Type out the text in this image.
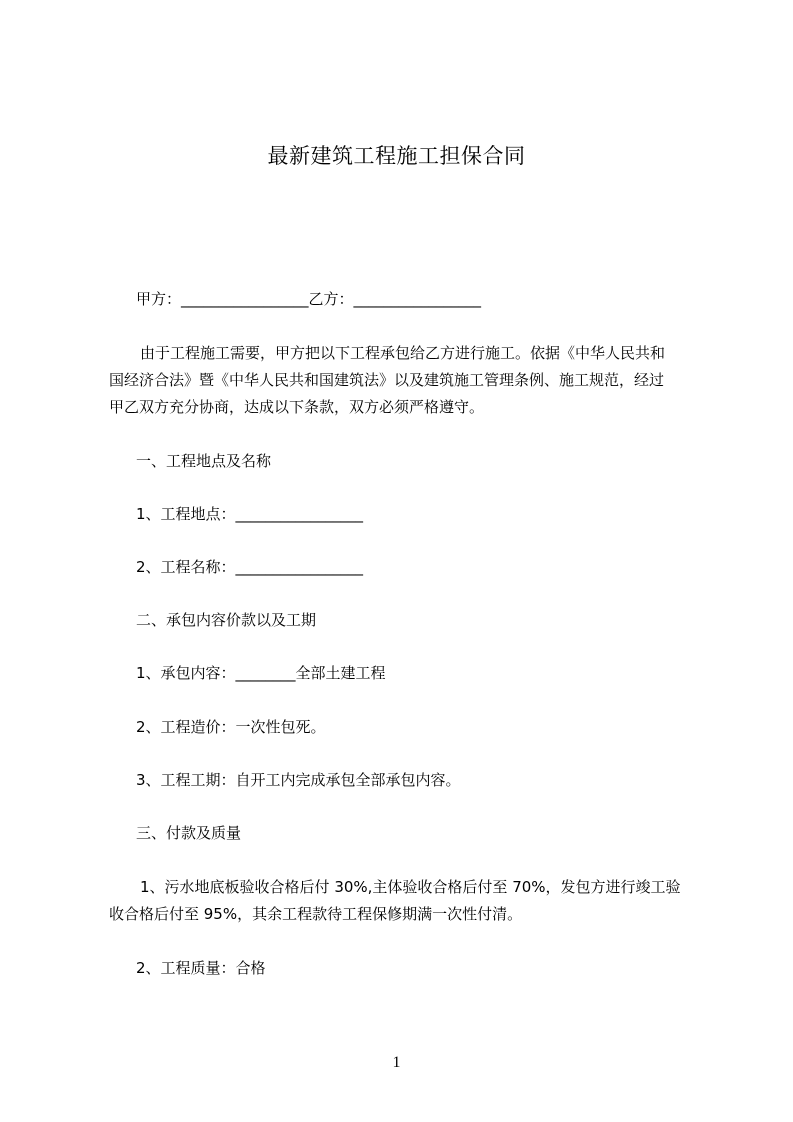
最新建筑工程施工担保合同
甲方：_________________乙方：_________________

由于工程施工需要，甲方把以下工程承包给乙方进行施工。依据《中华人民共和

国经济合法》暨《中华人民共和国建筑法》以及建筑施工管理条例、施工规范，经过

甲乙双方充分协商，达成以下条款，双方必须严格遵守。

一、工程地点及名称
1、工程地点：_________________
2、工程名称：_________________
二、承包内容价款以及工期
1、承包内容：________全部土建工程
2、工程造价：一次性包死。
3、工程工期：自开工内完成承包全部承包内容。
三、付款及质量

1、污水地底板验收合格后付 30%,主体验收合格后付至 70%，发包方进行竣工验

收合格后付至 95%，其余工程款待工程保修期满一次性付清。

2、工程质量：合格
1
